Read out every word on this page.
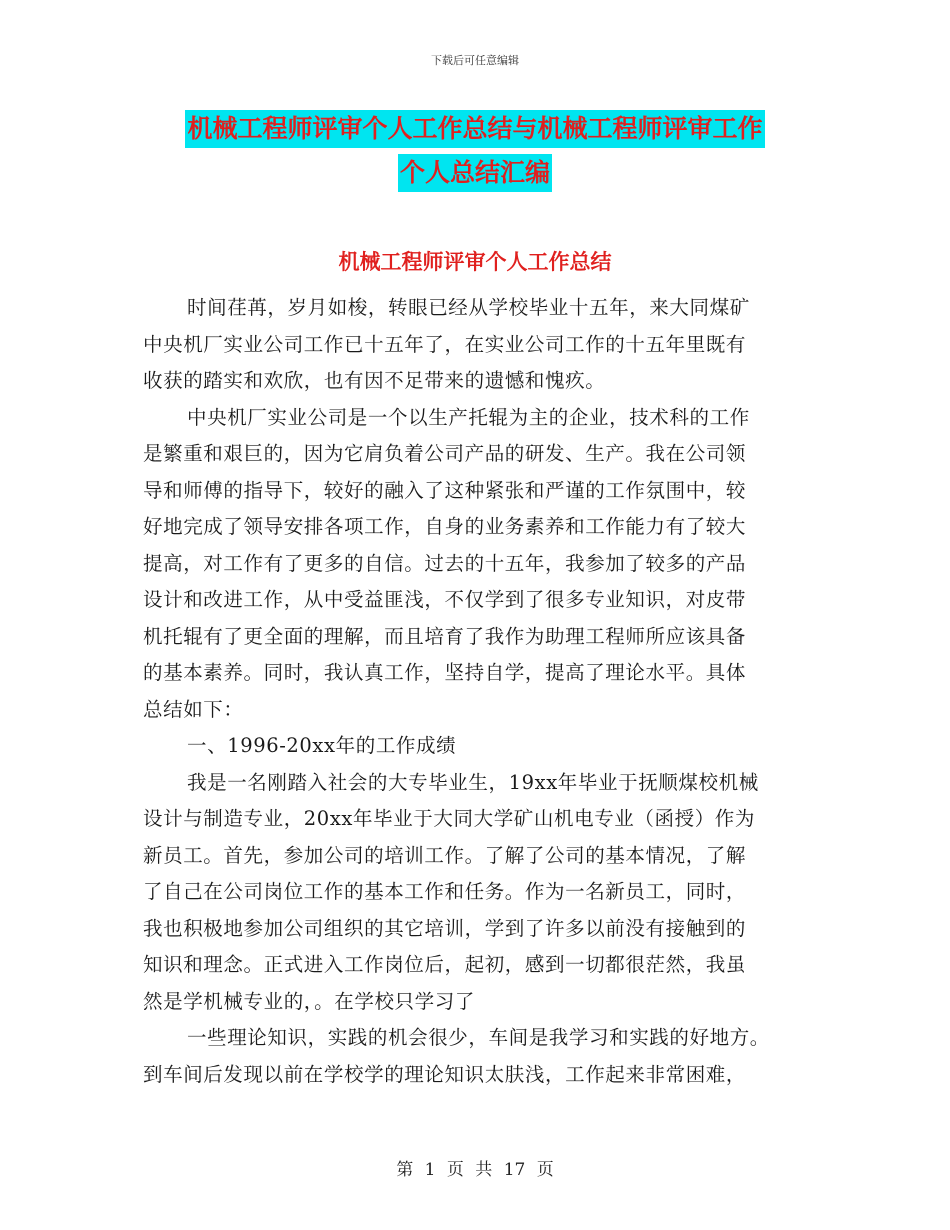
下载后可任意编辑
机械工程师评审个人工作总结与机械工程师评审工作
个人总结汇编
机械工程师评审个人工作总结
时间荏苒，岁月如梭，转眼已经从学校毕业十五年，来大同煤矿
中央机厂实业公司工作已十五年了，在实业公司工作的十五年里既有
收获的踏实和欢欣，也有因不足带来的遗憾和愧疚。
中央机厂实业公司是一个以生产托辊为主的企业，技术科的工作
是繁重和艰巨的，因为它肩负着公司产品的研发、生产。我在公司领
导和师傅的指导下，较好的融入了这种紧张和严谨的工作氛围中，较
好地完成了领导安排各项工作，自身的业务素养和工作能力有了较大
提高，对工作有了更多的自信。过去的十五年，我参加了较多的产品
设计和改进工作，从中受益匪浅，不仅学到了很多专业知识，对皮带
机托辊有了更全面的理解，而且培育了我作为助理工程师所应该具备
的基本素养。同时，我认真工作，坚持自学，提高了理论水平。具体
总结如下：
一、1996-20xx年的工作成绩
我是一名刚踏入社会的大专毕业生，19xx年毕业于抚顺煤校机械
设计与制造专业，20xx年毕业于大同大学矿山机电专业（函授）作为
新员工。首先，参加公司的培训工作。了解了公司的基本情况，了解
了自己在公司岗位工作的基本工作和任务。作为一名新员工，同时，
我也积极地参加公司组织的其它培训，学到了许多以前没有接触到的
知识和理念。正式进入工作岗位后，起初，感到一切都很茫然，我虽
然是学机械专业的，。在学校只学习了
一些理论知识，实践的机会很少，车间是我学习和实践的好地方。
到车间后发现以前在学校学的理论知识太肤浅，工作起来非常困难，
第 1 页 共 17 页
